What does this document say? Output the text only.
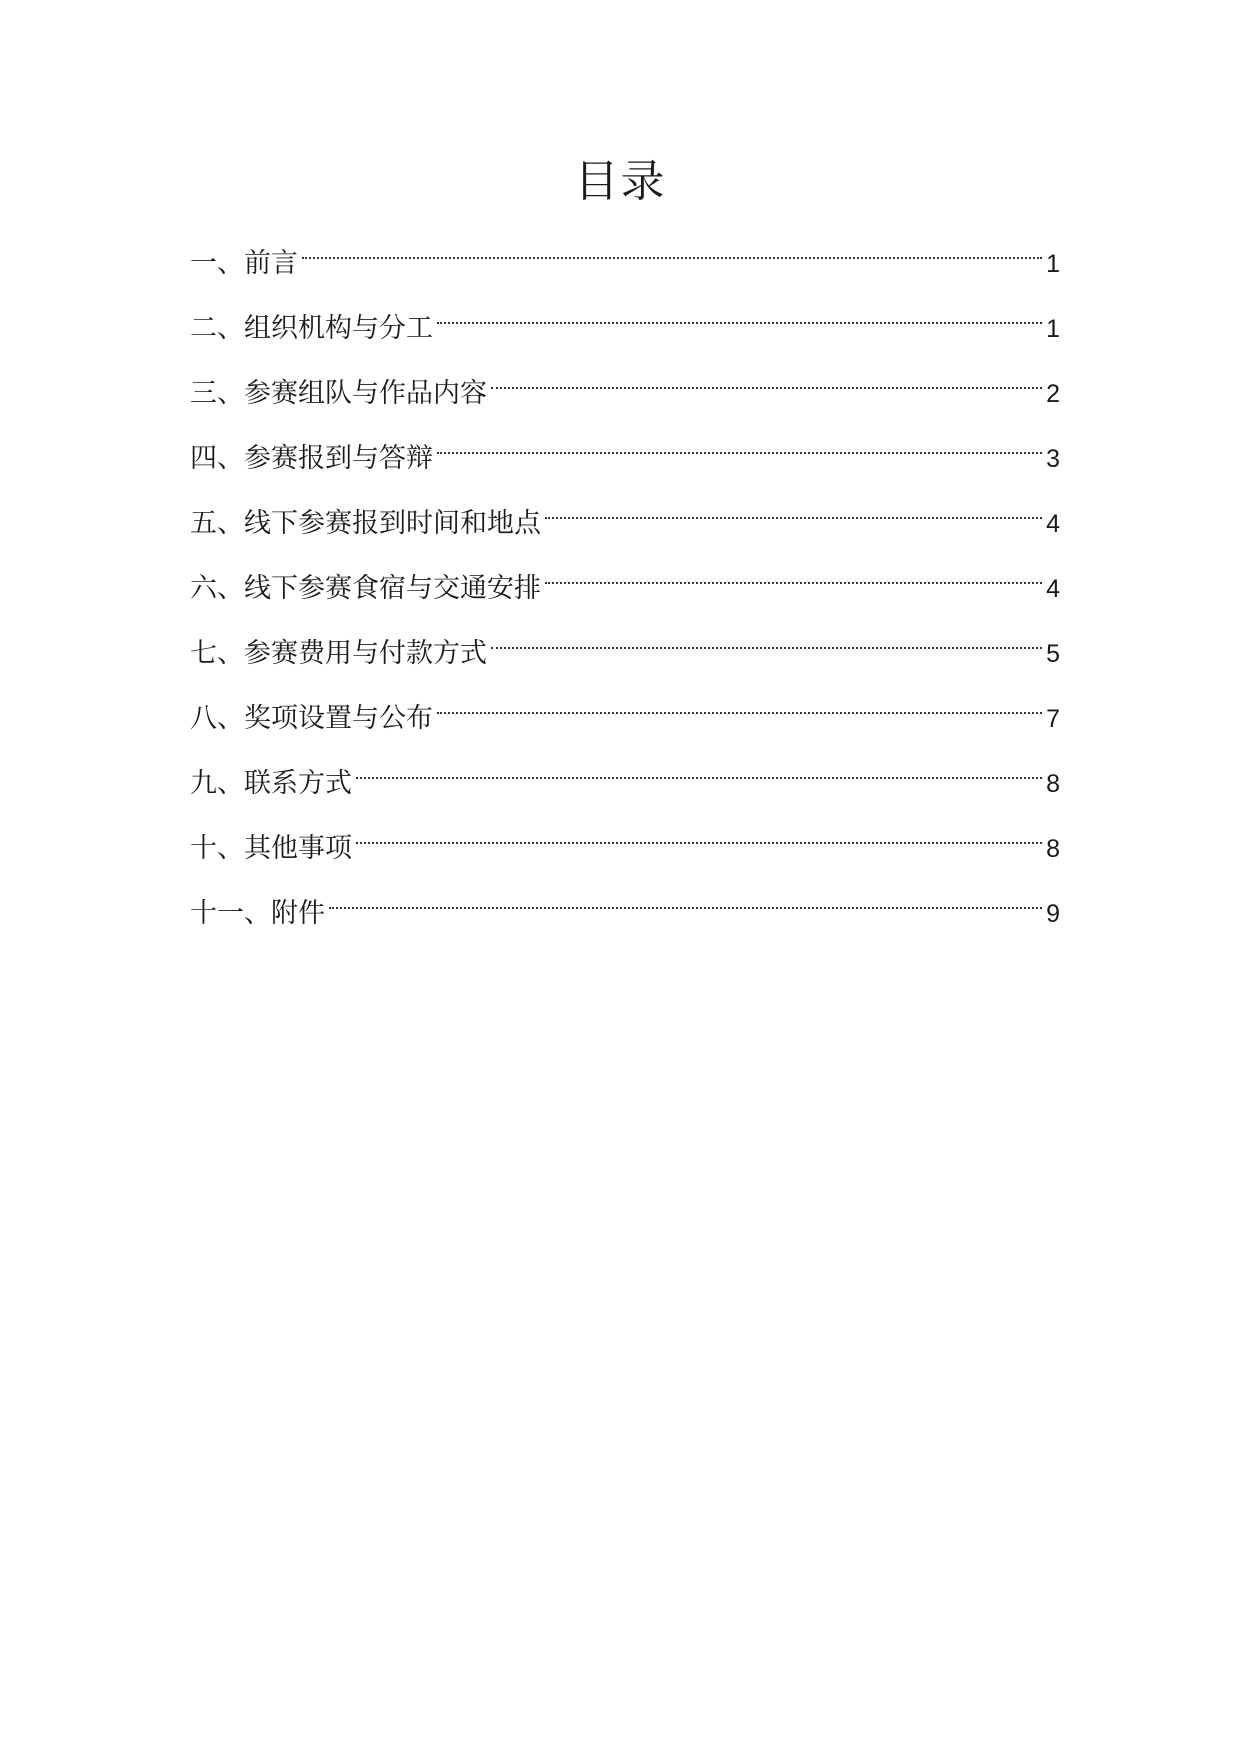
目录
一、前言	1
二、组织机构与分工	1
三、参赛组队与作品内容	2
四、参赛报到与答辩	3
五、线下参赛报到时间和地点	4
六、线下参赛食宿与交通安排	4
七、参赛费用与付款方式	5
八、奖项设置与公布	7
九、联系方式	8
十、其他事项	8
十一、附件	9
